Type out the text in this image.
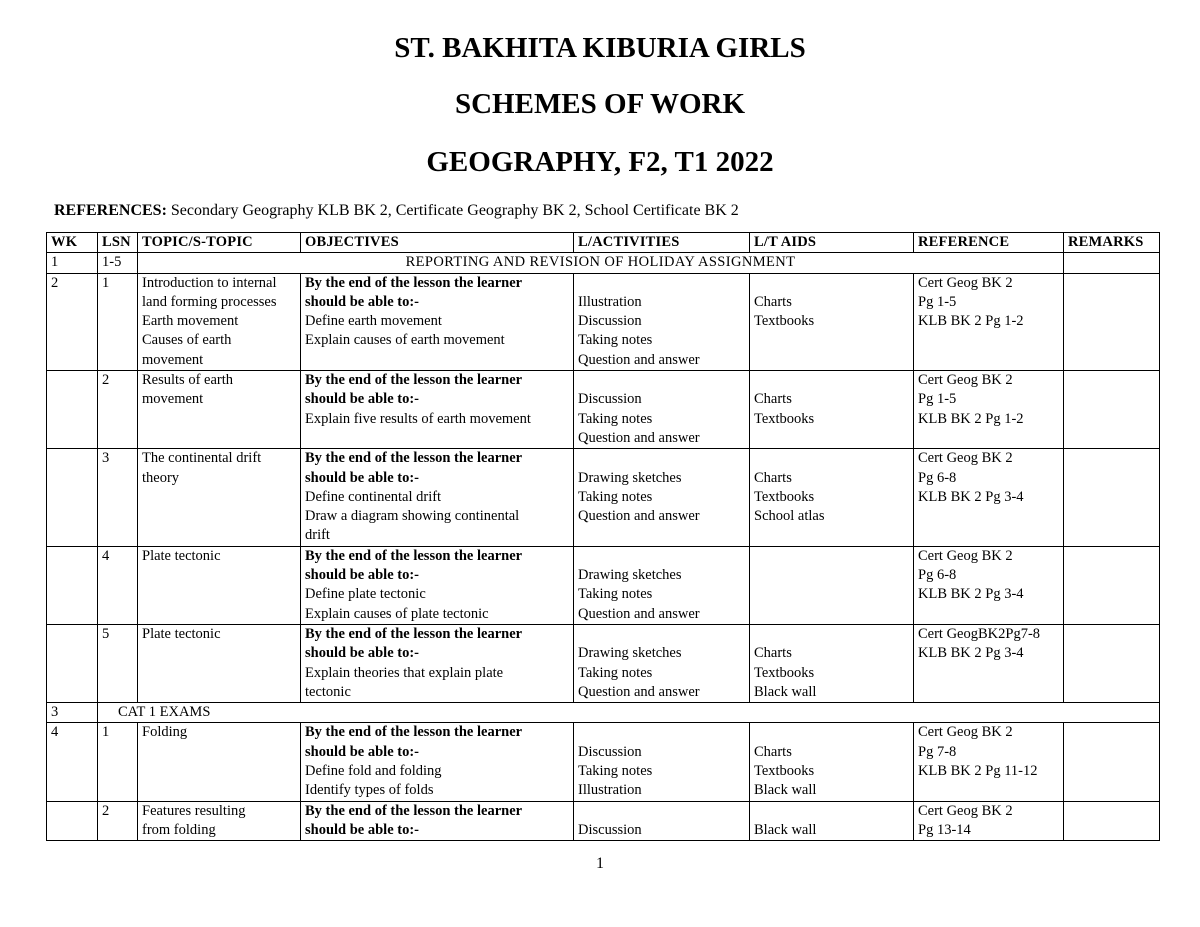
ST. BAKHITA KIBURIA GIRLS
SCHEMES OF WORK
GEOGRAPHY, F2, T1 2022
REFERENCES: Secondary Geography KLB BK 2, Certificate Geography BK 2, School Certificate BK 2
WK	LSN	TOPIC/S-TOPIC	OBJECTIVES	L/ACTIVITIES	L/T AIDS	REFERENCE	REMARKS
1	1-5	REPORTING AND REVISION OF HOLIDAY ASSIGNMENT					
2	1	Introduction to internal
land forming processes
Earth movement
Causes of earth
movement	By the end of the lesson the learner
should be able to:-
Define earth movement
Explain causes of earth movement	Illustration
Discussion
Taking notes
Question and answer	Charts
Textbooks	Cert Geog BK 2
Pg 1-5
KLB BK 2 Pg 1-2	

	2	Results of earth
movement	By the end of the lesson the learner
should be able to:-
Explain five results of earth movement	Discussion
Taking notes
Question and answer	Charts
Textbooks	Cert Geog BK 2
Pg 1-5
KLB BK 2 Pg 1-2	

	3	The continental drift
theory	By the end of the lesson the learner
should be able to:-
Define continental drift
Draw a diagram showing continental
drift	Drawing sketches
Taking notes
Question and answer	Charts
Textbooks
School atlas	Cert Geog BK 2
Pg 6-8
KLB BK 2 Pg 3-4	

	4	Plate tectonic	By the end of the lesson the learner
should be able to:-
Define plate tectonic
Explain causes of plate tectonic	Drawing sketches
Taking notes
Question and answer		Cert Geog BK 2
Pg 6-8
KLB BK 2 Pg 3-4	

	5	Plate tectonic	By the end of the lesson the learner
should be able to:-
Explain theories that explain plate
tectonic	Drawing sketches
Taking notes
Question and answer	Charts
Textbooks
Black wall	Cert GeogBK2Pg7-8
KLB BK 2 Pg 3-4	

3	CAT 1 EXAMS						
4	1	Folding	By the end of the lesson the learner
should be able to:-
Define fold and folding
Identify types of folds	Discussion
Taking notes
Illustration	Charts
Textbooks
Black wall	Cert Geog BK 2
Pg 7-8
KLB BK 2 Pg 11-12	

	2	Features resulting
from folding	By the end of the lesson the learner
should be able to:-	Discussion	Black wall	Cert Geog BK 2
Pg 13-14	

1
